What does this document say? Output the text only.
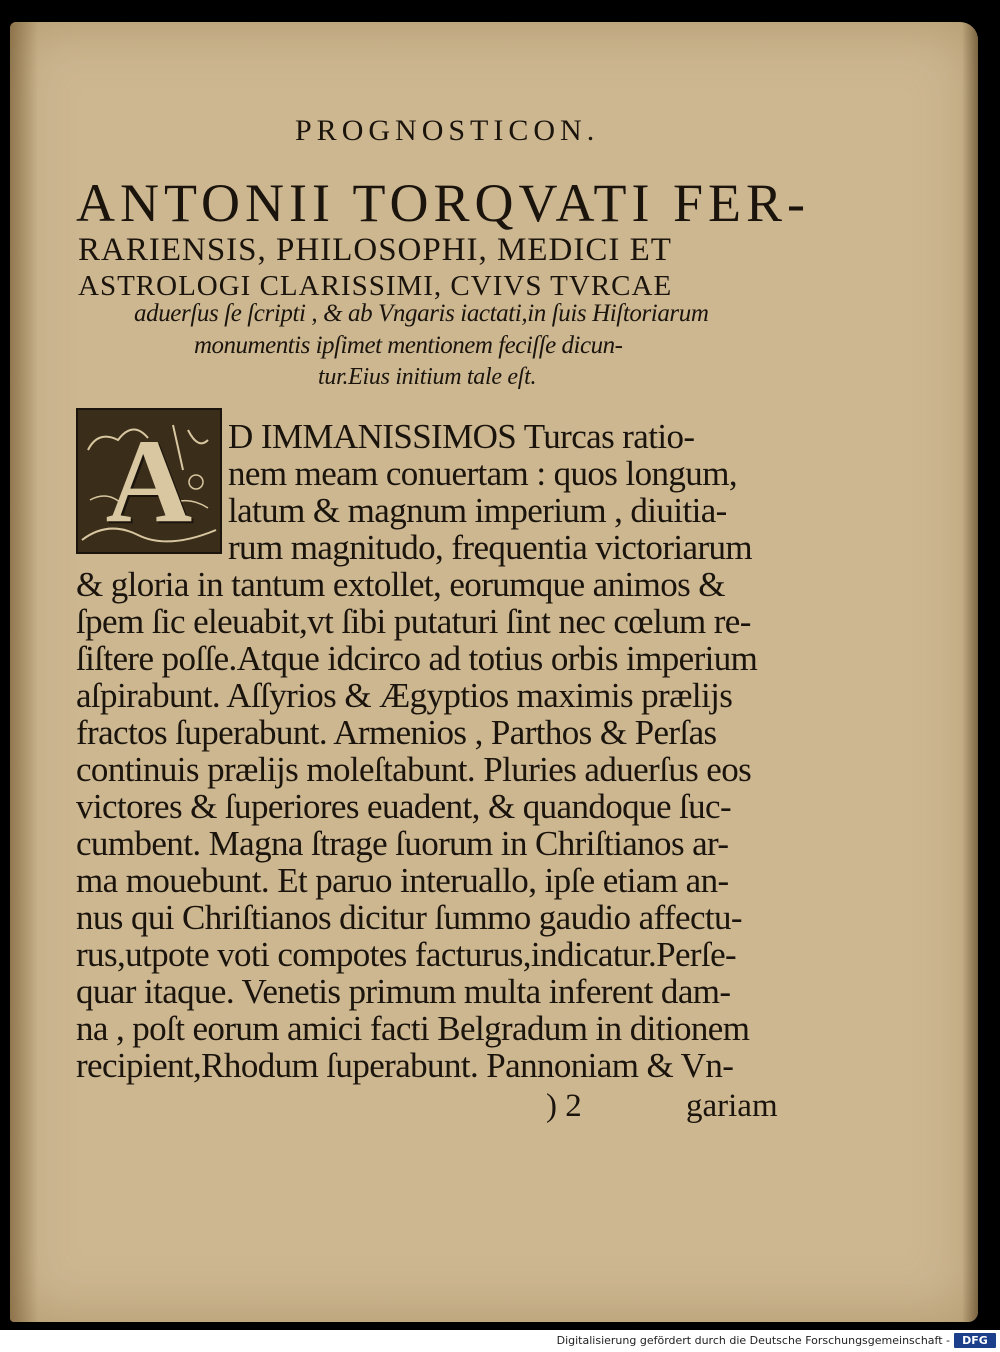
PROGNOSTICON.
ANTONII TORQVATI FER-
RARIENSIS, PHILOSOPHI, MEDICI ET
ASTROLOGI CLARISSIMI, CVIVS TVRCAE
aduerſus ſe ſcripti , & ab Vngaris iactati,in ſuis Hiſtoriarum
monumentis ipſimet mentionem feciſſe dicun-
tur.Eius initium tale eſt.
A D IMMANISSIMOS Turcas ratio-
nem meam conuertam : quos longum,
latum & magnum imperium , diuitia-
rum magnitudo, frequentia victoriarum
& gloria in tantum extollet, eorumque animos &
ſpem ſic eleuabit,vt ſibi putaturi ſint nec cœlum re-
ſiſtere poſſe.Atque idcirco ad totius orbis imperium
aſpirabunt. Aſſyrios & Ægyptios maximis prælijs
fractos ſuperabunt. Armenios , Parthos & Perſas
continuis prælijs moleſtabunt. Pluries aduerſus eos
victores & ſuperiores euadent, & quandoque ſuc-
cumbent. Magna ſtrage ſuorum in Chriſtianos ar-
ma mouebunt. Et paruo interuallo, ipſe etiam an-
nus qui Chriſtianos dicitur ſummo gaudio affectu-
rus,utpote voti compotes facturus,indicatur.Perſe-
quar itaque. Venetis primum multa inferent dam-
na , poſt eorum amici facti Belgradum in ditionem
recipient,Rhodum ſuperabunt. Pannoniam & Vn-
) 2	gariam
Digitalisierung gefördert durch die Deutsche Forschungsgemeinschaft -	DFG
